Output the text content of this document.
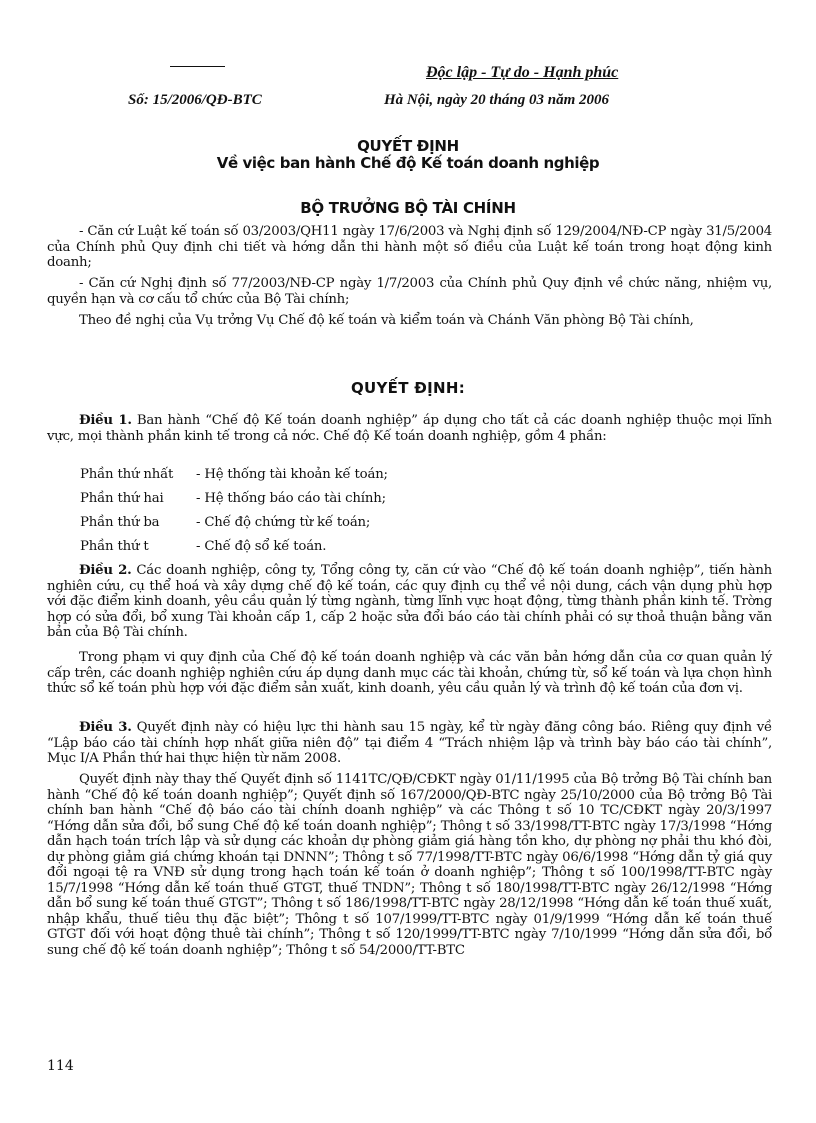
Độc lập - Tự do - Hạnh phúc
Số: 15/2006/QĐ-BTC	Hà Nội, ngày 20 tháng 03 năm 2006
QUYẾT ĐỊNH
Về việc ban hành Chế độ Kế toán doanh nghiệp
BỘ TRƯỞNG BỘ TÀI CHÍNH

- Căn cứ Luật kế toán số 03/2003/QH11 ngày 17/6/2003 và Nghị định số 129/2004/NĐ-CP ngày 31/5/2004 của Chính phủ Quy định chi tiết và hớng dẫn thi hành một số điều của Luật kế toán trong hoạt động kinh doanh;

- Căn cứ Nghị định số 77/2003/NĐ-CP ngày 1/7/2003 của Chính phủ Quy định về chức năng, nhiệm vụ, quyền hạn và cơ cấu tổ chức của Bộ Tài chính;

Theo đề nghị của Vụ trởng Vụ Chế độ kế toán và kiểm toán và Chánh Văn phòng Bộ Tài chính,

QUYẾT ĐỊNH:

Điều 1. Ban hành “Chế độ Kế toán doanh nghiệp” áp dụng cho tất cả các doanh nghiệp thuộc mọi lĩnh vực, mọi thành phần kinh tế trong cả nớc. Chế độ Kế toán doanh nghiệp, gồm 4 phần:

Phần thứ nhất - Hệ thống tài khoản kế toán;
Phần thứ hai - Hệ thống báo cáo tài chính;
Phần thứ ba	- Chế độ chứng từ kế toán;
Phần thứ t	- Chế độ sổ kế toán.

Điều 2. Các doanh nghiệp, công ty, Tổng công ty, căn cứ vào “Chế độ kế toán doanh nghiệp”, tiến hành nghiên cứu, cụ thể hoá và xây dựng chế độ kế toán, các quy định cụ thể về nội dung, cách vận dụng phù hợp với đặc điểm kinh doanh, yêu cầu quản lý từng ngành, từng lĩnh vực hoạt động, từng thành phần kinh tế. Trờng hợp có sửa đổi, bổ xung Tài khoản cấp 1, cấp 2 hoặc sửa đổi báo cáo tài chính phải có sự thoả thuận bằng văn bản của Bộ Tài chính.

Trong phạm vi quy định của Chế độ kế toán doanh nghiệp và các văn bản hớng dẫn của cơ quan quản lý cấp trên, các doanh nghiệp nghiên cứu áp dụng danh mục các tài khoản, chứng từ, sổ kế toán và lựa chọn hình thức sổ kế toán phù hợp với đặc điểm sản xuất, kinh doanh, yêu cầu quản lý và trình độ kế toán của đơn vị.

Điều 3. Quyết định này có hiệu lực thi hành sau 15 ngày, kể từ ngày đăng công báo. Riêng quy định về “Lập báo cáo tài chính hợp nhất giữa niên độ” tại điểm 4 “Trách nhiệm lập và trình bày báo cáo tài chính”, Mục I/A Phần thứ hai thực hiện từ năm 2008.

Quyết định này thay thế Quyết định số 1141TC/QĐ/CĐKT ngày 01/11/1995 của Bộ trởng Bộ Tài chính ban hành “Chế độ kế toán doanh nghiệp”; Quyết định số 167/2000/QĐ-BTC ngày 25/10/2000 của Bộ trởng Bộ Tài chính ban hành “Chế độ báo cáo tài chính doanh nghiệp” và các Thông t số 10 TC/CĐKT ngày 20/3/1997 “Hớng dẫn sửa đổi, bổ sung Chế độ kế toán doanh nghiệp”; Thông t số 33/1998/TT-BTC ngày 17/3/1998 “Hớng dẫn hạch toán trích lập và sử dụng các khoản dự phòng giảm giá hàng tồn kho, dự phòng nợ phải thu khó đòi, dự phòng giảm giá chứng khoán tại DNNN”; Thông t số 77/1998/TT-BTC ngày 06/6/1998 “Hớng dẫn tỷ giá quy đổi ngoại tệ ra VNĐ sử dụng trong hạch toán kế toán ở doanh nghiệp”; Thông t số 100/1998/TT-BTC ngày 15/7/1998 “Hớng dẫn kế toán thuế GTGT, thuế TNDN”; Thông t số 180/1998/TT-BTC ngày 26/12/1998 “Hớng dẫn bổ sung kế toán thuế GTGT”; Thông t số 186/1998/TT-BTC ngày 28/12/1998 “Hớng dẫn kế toán thuế xuất, nhập khẩu, thuế tiêu thụ đặc biệt”; Thông t số 107/1999/TT-BTC ngày 01/9/1999 “Hớng dẫn kế toán thuế GTGT đối với hoạt động thuê tài chính”; Thông t số 120/1999/TT-BTC ngày 7/10/1999 “Hớng dẫn sửa đổi, bổ sung chế độ kế toán doanh nghiệp”; Thông t số 54/2000/TT-BTC

114
